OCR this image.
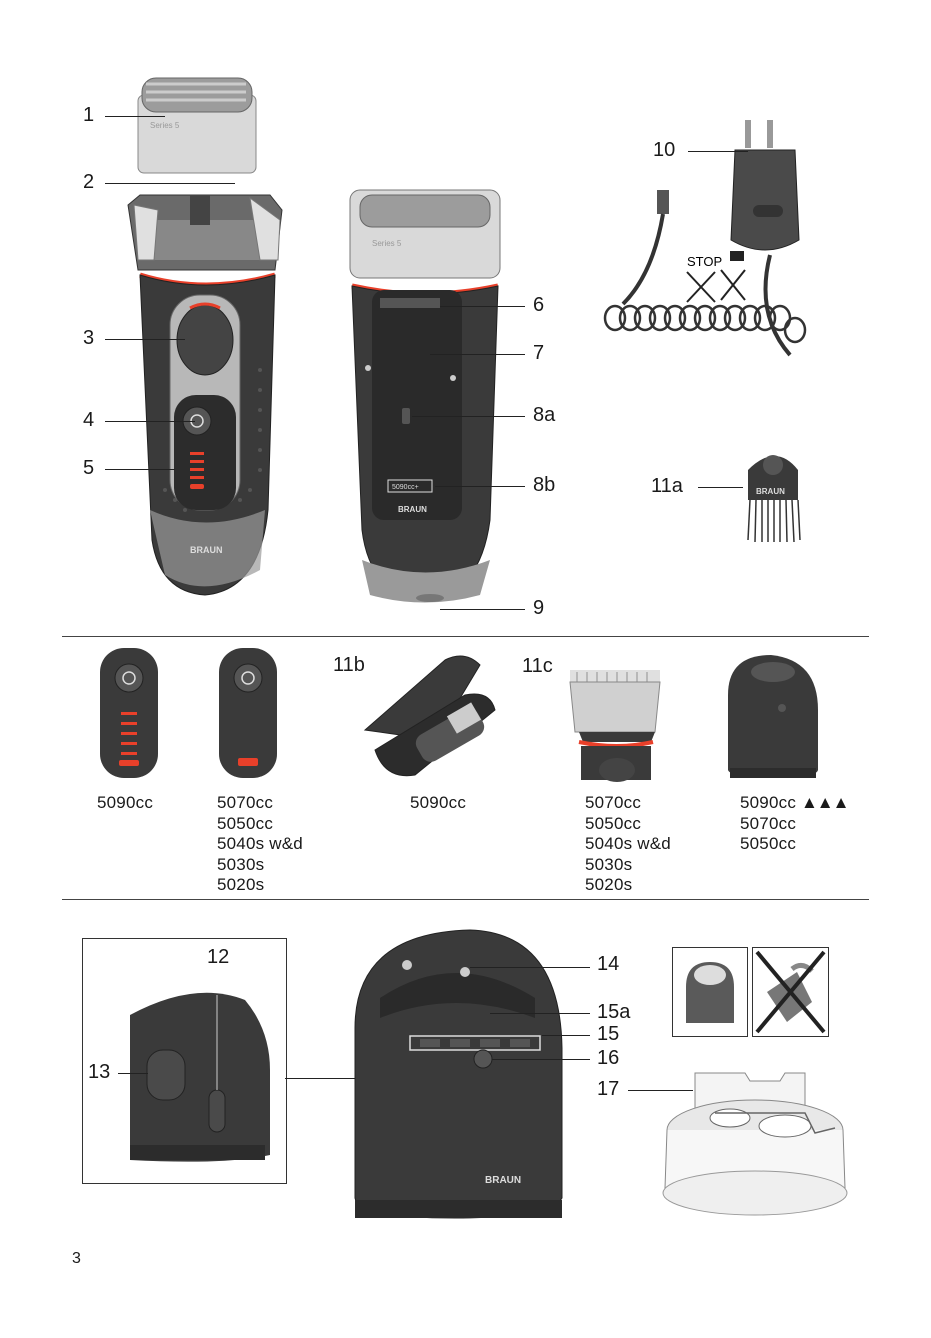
Series 5
BRAUN
Series 5
5090cc+
BRAUN
STOP
BRAUN
1
2
3
4
5
6
7
8a
8b
9
10
11a
11b	11c
5090cc	5070cc
5050cc
5040s w&d
5030s
5020s
5090cc	5070cc
5050cc
5040s w&d
5030s
5020s
5090cc ▲▲▲
5070cc
5050cc
12
13
BRAUN
14
15a
15
16
17
3
